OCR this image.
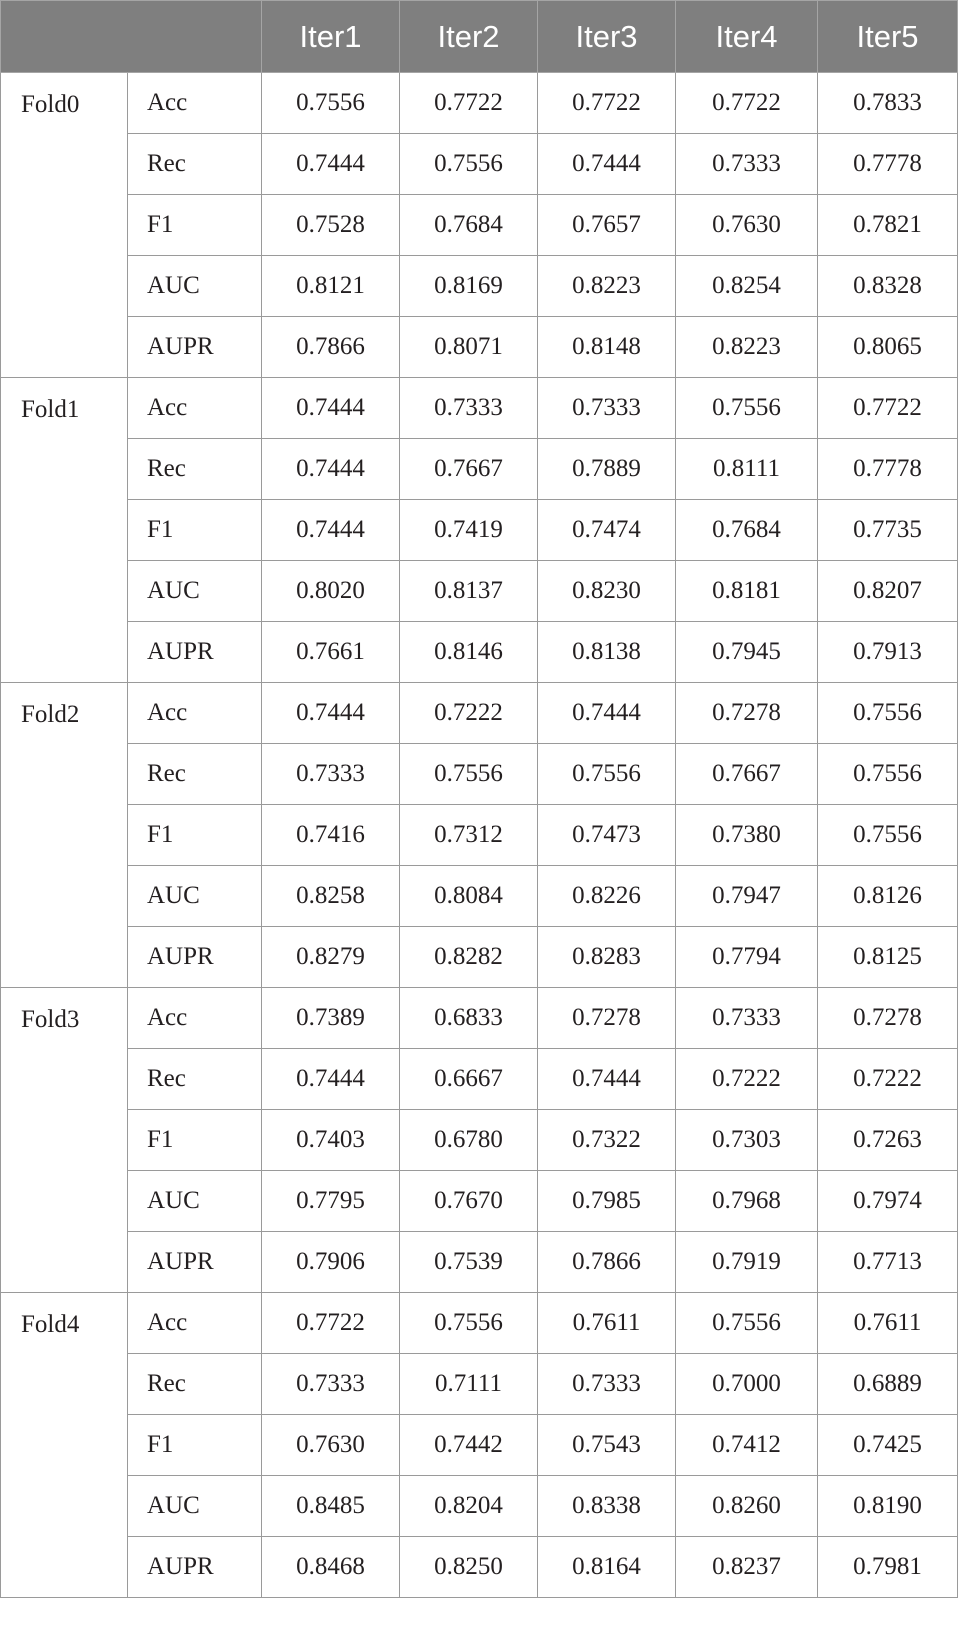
		Iter1	Iter2	Iter3	Iter4	Iter5
Fold0	Acc	0.7556	0.7722	0.7722	0.7722	0.7833
	Rec	0.7444	0.7556	0.7444	0.7333	0.7778
	F1	0.7528	0.7684	0.7657	0.7630	0.7821
	AUC	0.8121	0.8169	0.8223	0.8254	0.8328
	AUPR	0.7866	0.8071	0.8148	0.8223	0.8065
Fold1	Acc	0.7444	0.7333	0.7333	0.7556	0.7722
	Rec	0.7444	0.7667	0.7889	0.8111	0.7778
	F1	0.7444	0.7419	0.7474	0.7684	0.7735
	AUC	0.8020	0.8137	0.8230	0.8181	0.8207
	AUPR	0.7661	0.8146	0.8138	0.7945	0.7913
Fold2	Acc	0.7444	0.7222	0.7444	0.7278	0.7556
	Rec	0.7333	0.7556	0.7556	0.7667	0.7556
	F1	0.7416	0.7312	0.7473	0.7380	0.7556
	AUC	0.8258	0.8084	0.8226	0.7947	0.8126
	AUPR	0.8279	0.8282	0.8283	0.7794	0.8125
Fold3	Acc	0.7389	0.6833	0.7278	0.7333	0.7278
	Rec	0.7444	0.6667	0.7444	0.7222	0.7222
	F1	0.7403	0.6780	0.7322	0.7303	0.7263
	AUC	0.7795	0.7670	0.7985	0.7968	0.7974
	AUPR	0.7906	0.7539	0.7866	0.7919	0.7713
Fold4	Acc	0.7722	0.7556	0.7611	0.7556	0.7611
	Rec	0.7333	0.7111	0.7333	0.7000	0.6889
	F1	0.7630	0.7442	0.7543	0.7412	0.7425
	AUC	0.8485	0.8204	0.8338	0.8260	0.8190
	AUPR	0.8468	0.8250	0.8164	0.8237	0.7981
